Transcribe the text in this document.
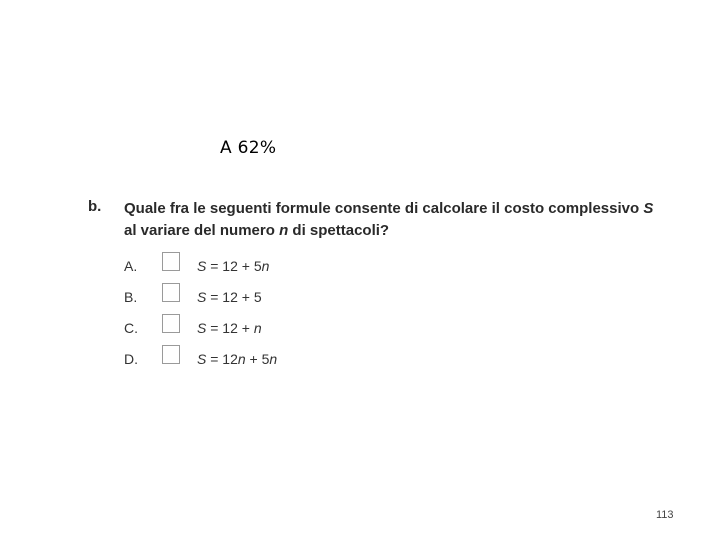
A 62%
b. Quale fra le seguenti formule consente di calcolare il costo complessivo S al variare del numero n di spettacoli?
A.	S = 12 + 5n
B.	S = 12 + 5
C.	S = 12 + n
D.	S = 12n + 5n
113
